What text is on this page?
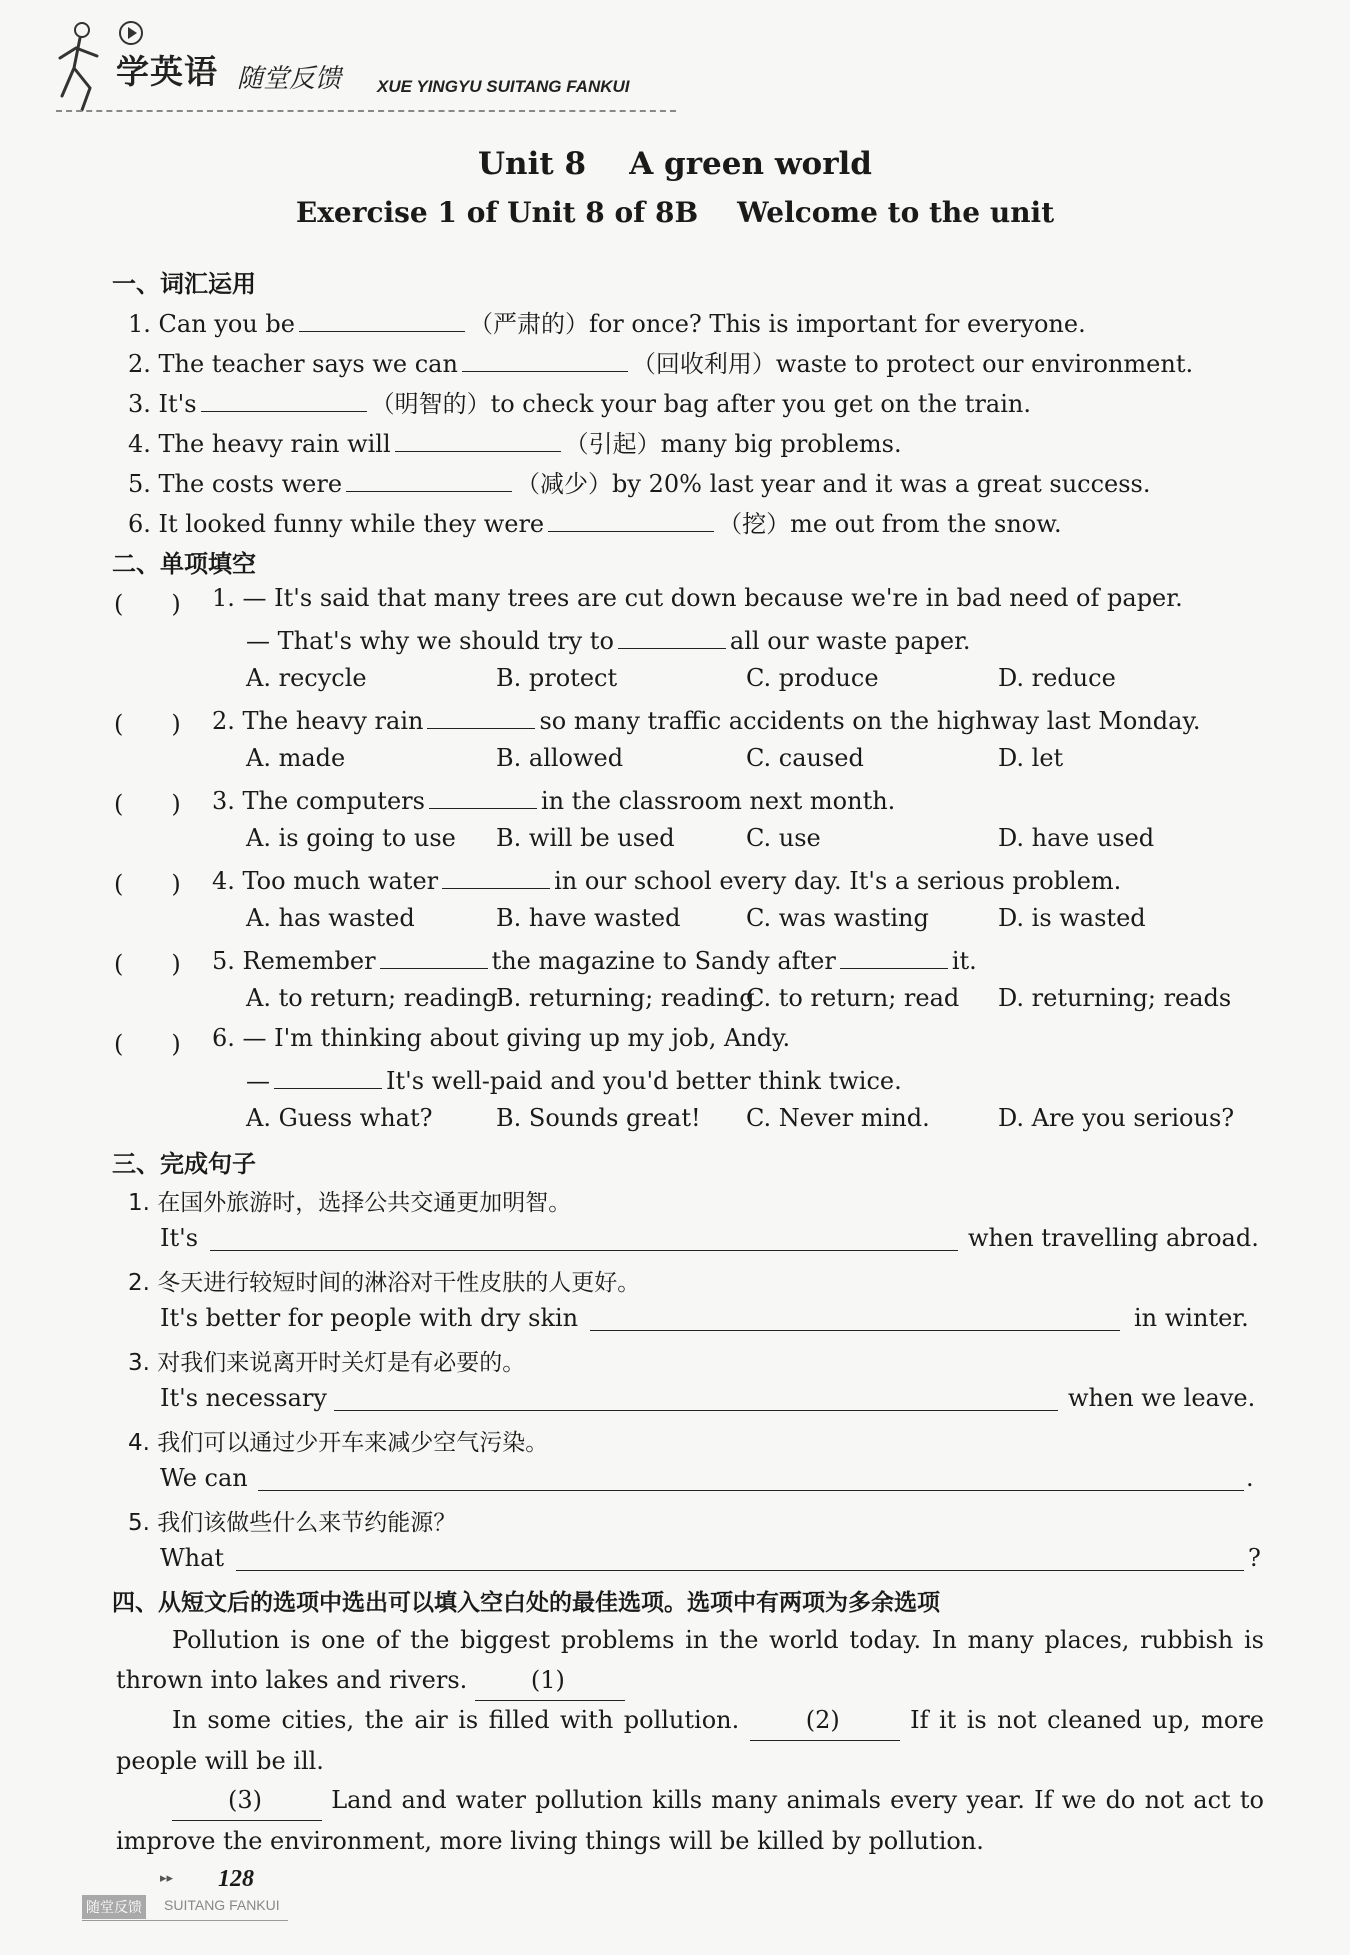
学英语 随堂反馈 XUE YINGYU SUITANG FANKUI
Unit 8    A green world
Exercise 1 of Unit 8 of 8B    Welcome to the unit
一、词汇运用
1. Can you be	（严肃的）for once? This is important for everyone.
2. The teacher says we can	（回收利用）waste to protect our environment.
3. It's	（明智的）to check your bag after you get on the train.
4. The heavy rain will	（引起）many big problems.
5. The costs were	（减少）by 20% last year and it was a great success.
6. It looked funny while they were	（挖）me out from the snow.
二、单项填空
(　　) 1. — It's said that many trees are cut down because we're in bad need of paper.
— That's why we should try to	all our waste paper.
A. recycle	B. protect	C. produce	D. reduce
(　　) 2. The heavy rain	so many traffic accidents on the highway last Monday.
A. made	B. allowed	C. caused	D. let
(　　) 3. The computers	in the classroom next month.
A. is going to use B. will be used	C. use	D. have used
(　　) 4. Too much water	in our school every day. It's a serious problem.
A. has wasted	B. have wasted	C. was wasting	D. is wasted
(　　) 5. Remember	the magazine to Sandy after	it.
A. to return; reading
B. returning; reading
C. to return; read D. returning; reads
(　　) 6. — I'm thinking about giving up my job, Andy.
—	It's well-paid and you'd better think twice.
A. Guess what?	B. Sounds great! C. Never mind.	D. Are you serious?
三、完成句子
1. 在国外旅游时，选择公共交通更加明智。
It's	when travelling abroad.
2. 冬天进行较短时间的淋浴对干性皮肤的人更好。
It's better for people with dry skin	in winter.
3. 对我们来说离开时关灯是有必要的。
It's necessary	when we leave.
4. 我们可以通过少开车来减少空气污染。
We can	.
5. 我们该做些什么来节约能源？
What	?
四、从短文后的选项中选出可以填入空白处的最佳选项。选项中有两项为多余选项
Pollution is one of the biggest problems in the world today. In many places, rubbish is thrown into lakes and rivers.	(1)
In some cities, the air is filled with pollution.	(2)	If it is not cleaned up, more people will be ill.
(3)	Land and water pollution kills many animals every year. If we do not act to improve the environment, more living things will be killed by pollution.
▸▸ 128
随堂反馈 SUITANG FANKUI
